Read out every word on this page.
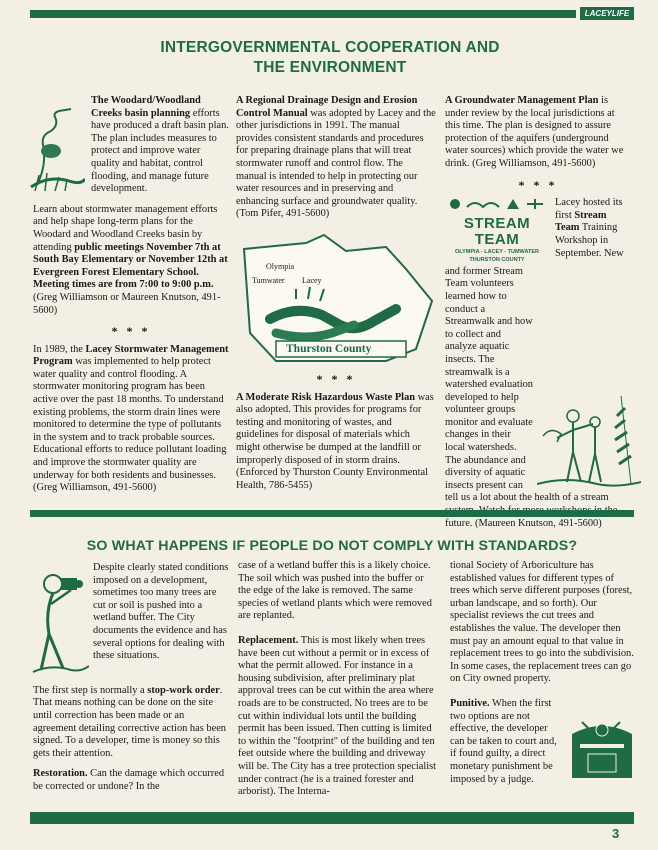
LACEYLIFE
INTERGOVERNMENTAL COOPERATION AND
THE ENVIRONMENT

The Woodard/Woodland Creeks basin planning efforts have produced a draft basin plan. The plan includes measures to protect and improve water quality and habitat, control flooding, and manage future development.

Learn about stormwater management efforts and help shape long-term plans for the Woodard and Woodland Creeks basin by attending public meetings November 7th at South Bay Elementary or November 12th at Evergreen Forest Elementary School. Meeting times are from 7:00 to 9:00 p.m. (Greg Williamson or Maureen Knutson, 491-5600)

* * *

In 1989, the Lacey Stormwater Management Program was implemented to help protect water quality and control flooding. A stormwater monitoring program has been active over the past 18 months. To understand existing problems, the storm drain lines were monitored to determine the type of pollutants in the system and to track probable sources. Educational efforts to reduce pollutant loading and improve the stormwater quality are underway for both residents and businesses. (Greg Williamson, 491-5600)

A Regional Drainage Design and Erosion Control Manual was adopted by Lacey and the other jurisdictions in 1991. The manual provides consistent standards and procedures for preparing drainage plans that will treat stormwater runoff and control flow. The manual is intended to help in protecting our water resources and in preserving and enhancing surface and groundwater quality. (Tom Pifer, 491-5600)

Olympia
Tumwater Lacey
Thurston County
* * *

A Moderate Risk Hazardous Waste Plan was also adopted. This provides for programs for testing and monitoring of wastes, and guidelines for disposal of materials which might otherwise be dumped at the landfill or improperly disposed of in storm drains. (Enforced by Thurston County Environmental Health, 786-5455)

A Groundwater Management Plan is under review by the local jurisdictions at this time. The plan is designed to assure protection of the aquifers (underground water sources) which provide the water we drink. (Greg Williamson, 491-5600)

* * *
STREAM TEAM
OLYMPIA - LACEY - TUMWATER
THURSTON COUNTY

Lacey hosted its first Stream Team Training Workshop in September. New and former Stream Team volunteers learned how to conduct a Streamwalk and how to collect and analyze aquatic insects. The streamwalk is a watershed evaluation developed to help volunteer groups monitor and evaluate changes in their local watersheds. The abundance and diversity of aquatic insects present can tell us a lot about the health of a stream future. (Maureen Knutson, 491-5600)

SO WHAT HAPPENS IF PEOPLE DO NOT COMPLY WITH STANDARDS?

Despite clearly stated conditions imposed on a development, sometimes too many trees are cut or soil is pushed into a wetland buffer. The City documents the evidence and has several options for dealing with these situations.

The first step is normally a stop-work order. That means nothing can be done on the site until correction has been made or an agreement detailing corrective action has been signed. To a developer, time is money so this gets their attention.

Restoration. Can the damage which occurred be corrected or undone? In the

case of a wetland buffer this is a likely choice. The soil which was pushed into the buffer or the edge of the lake is removed. The same species of wetland plants which were removed are replanted.

Replacement. This is most likely when trees have been cut without a permit or in excess of what the permit allowed. For instance in a housing subdivision, after preliminary plat approval trees can be cut within the area where roads are to be constructed. No trees are to be cut within individual lots until the building permit has been issued. Then cutting is limited to within the "footprint" of the building and ten feet outside where the building and driveway will be. The City has a tree protection specialist under contract (he is a trained forester and arborist). The Interna-

tional Society of Arboriculture has established values for different types of trees which serve different purposes (forest, urban landscape, and so forth). Our specialist reviews the cut trees and establishes the value. The developer then must pay an amount equal to that value in replacement trees to go into the subdivision. In some cases, the replacement trees can go on City owned property.

Punitive. When the first two options are not effective, the developer can be taken to court and, if found guilty, a direct monetary punishment be imposed by a judge.

3
